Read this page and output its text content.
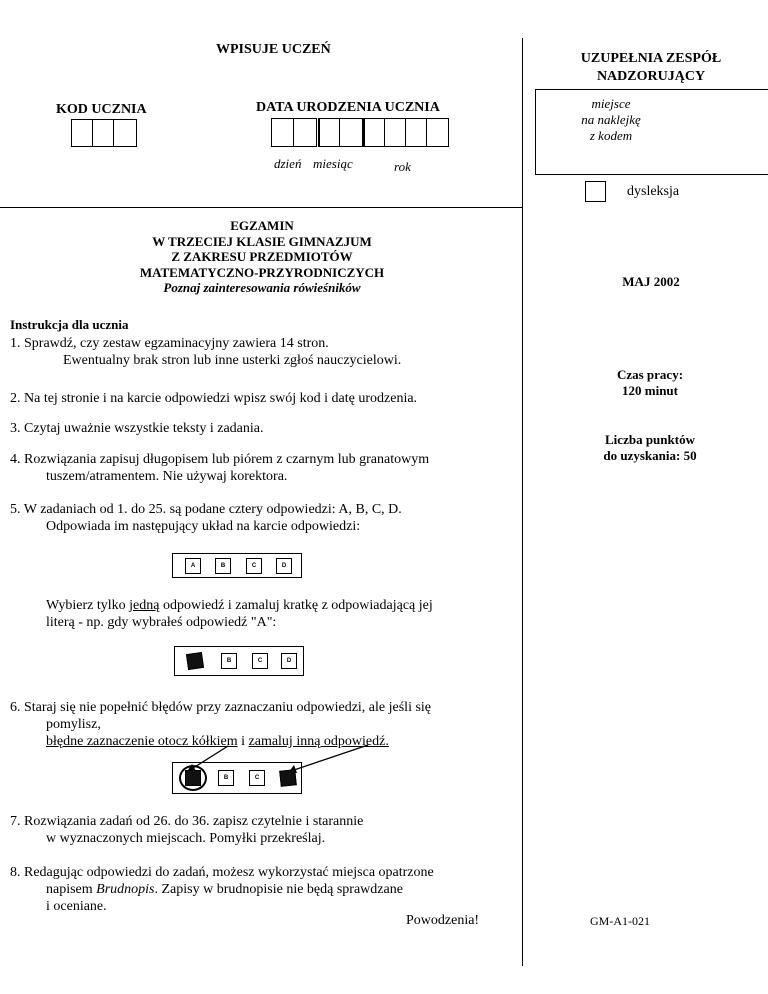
WPISUJE UCZEŃ
KOD UCZNIA	DATA URODZENIA UCZNIA
dzień miesiąc	rok
UZUPEŁNIA ZESPÓŁ NADZORUJĄCY
miejsce
na naklejkę
z kodem
dysleksja
MAJ 2002
Czas pracy:
120 minut
Liczba punktów
do uzyskania: 50
GM-A1-021
EGZAMIN
W TRZECIEJ KLASIE GIMNAZJUM
Z ZAKRESU PRZEDMIOTÓW
MATEMATYCZNO-PRZYRODNICZYCH
Poznaj zainteresowania rówieśników
Instrukcja dla ucznia
1. Sprawdź, czy zestaw egzaminacyjny zawiera 14 stron.
Ewentualny brak stron lub inne usterki zgłoś nauczycielowi.
2. Na tej stronie i na karcie odpowiedzi wpisz swój kod i datę urodzenia.
3. Czytaj uważnie wszystkie teksty i zadania.
4. Rozwiązania zapisuj długopisem lub piórem z czarnym lub granatowym
tuszem/atramentem. Nie używaj korektora.
5. W zadaniach od 1. do 25. są podane cztery odpowiedzi: A, B, C, D.
Odpowiada im następujący układ na karcie odpowiedzi:
A	B	C	D
Wybierz tylko jedną odpowiedź i zamaluj kratkę z odpowiadającą jej
literą - np. gdy wybrałeś odpowiedź "A":
B	C	D
6. Staraj się nie popełnić błędów przy zaznaczaniu odpowiedzi, ale jeśli się
pomylisz,
błędne zaznaczenie otocz kółkiem i zamaluj inną odpowiedź.
B	C
7. Rozwiązania zadań od 26. do 36. zapisz czytelnie i starannie
w wyznaczonych miejscach. Pomyłki przekreślaj.
8. Redagując odpowiedzi do zadań, możesz wykorzystać miejsca opatrzone
napisem Brudnopis. Zapisy w brudnopisie nie będą sprawdzane
i oceniane.
Powodzenia!
